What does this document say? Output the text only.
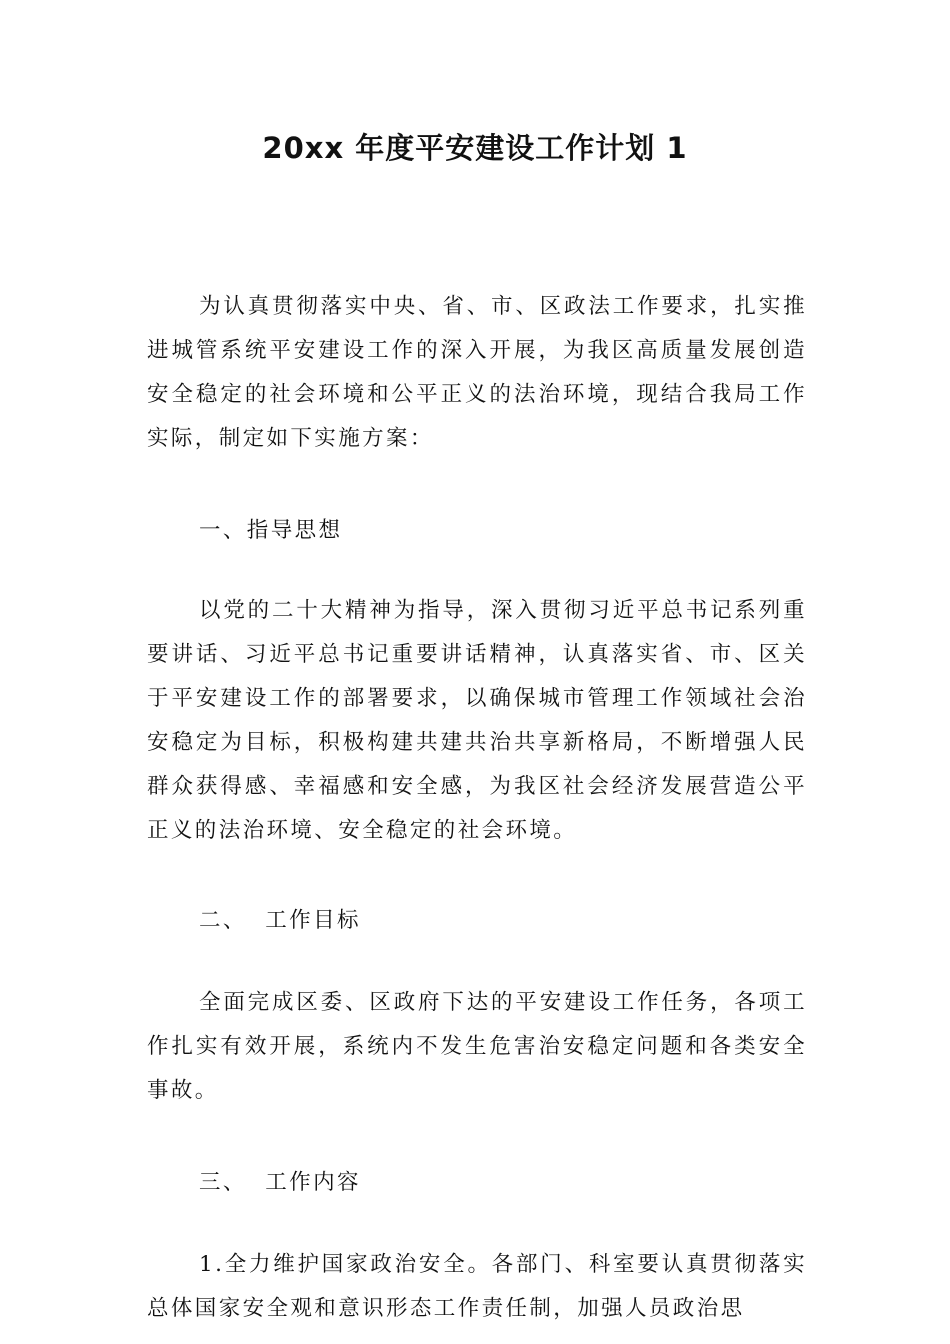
20xx 年度平安建设工作计划 1

为认真贯彻落实中央、省、市、区政法工作要求，扎实推进城管系统平安建设工作的深入开展，为我区高质量发展创造安全稳定的社会环境和公平正义的法治环境，现结合我局工作实际，制定如下实施方案：

一、指导思想

以党的二十大精神为指导，深入贯彻习近平总书记系列重要讲话、习近平总书记重要讲话精神，认真落实省、市、区关于平安建设工作的部署要求，以确保城市管理工作领域社会治安稳定为目标，积极构建共建共治共享新格局，不断增强人民群众获得感、幸福感和安全感，为我区社会经济发展营造公平正义的法治环境、安全稳定的社会环境。

二、  工作目标

全面完成区委、区政府下达的平安建设工作任务，各项工作扎实有效开展，系统内不发生危害治安稳定问题和各类安全事故。

三、  工作内容

1.全力维护国家政治安全。各部门、科室要认真贯彻落实总体国家安全观和意识形态工作责任制，加强人员政治思
